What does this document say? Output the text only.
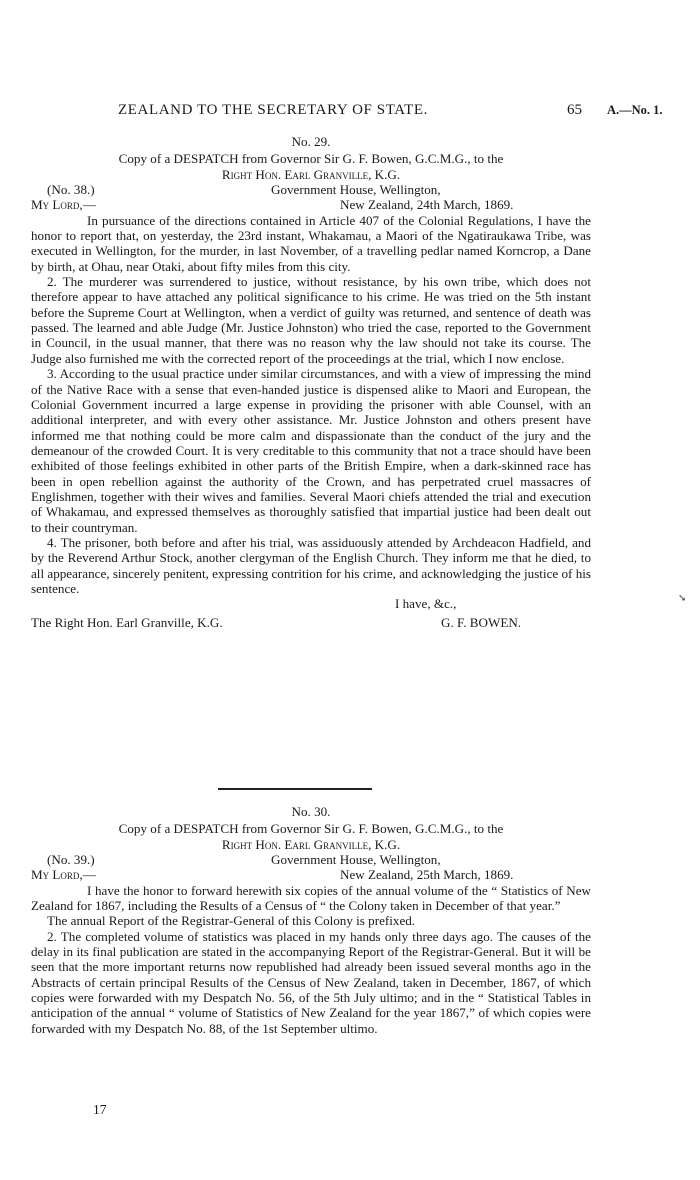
ZEALAND TO THE SECRETARY OF STATE.	65 A.—No. 1.

No. 29.

Copy of a DESPATCH from Governor Sir G. F. Bowen, G.C.M.G., to the

Right Hon. Earl Granville, K.G.

(No. 38.)	Government House, Wellington,
My Lord,—	New Zealand, 24th March, 1869.

In pursuance of the directions contained in Article 407 of the Colonial Regulations, I have the honor to report that, on yesterday, the 23rd instant, Whakamau, a Maori of the Ngatiraukawa Tribe, was executed in Wellington, for the murder, in last November, of a travelling pedlar named Korncrop, a Dane by birth, at Ohau, near Otaki, about fifty miles from this city.

2. The murderer was surrendered to justice, without resistance, by his own tribe, which does not therefore appear to have attached any political significance to his crime. He was tried on the 5th instant before the Supreme Court at Wellington, when a verdict of guilty was returned, and sentence of death was passed. The learned and able Judge (Mr. Justice Johnston) who tried the case, reported to the Government in Council, in the usual manner, that there was no reason why the law should not take its course. The Judge also furnished me with the corrected report of the proceedings at the trial, which I now enclose.

3. According to the usual practice under similar circumstances, and with a view of impressing the mind of the Native Race with a sense that even-handed justice is dispensed alike to Maori and European, the Colonial Government incurred a large expense in providing the prisoner with able Counsel, with an additional interpreter, and with every other assistance. Mr. Justice Johnston and others present have informed me that nothing could be more calm and dispassionate than the conduct of the jury and the demeanour of the crowded Court. It is very creditable to this community that not a trace should have been exhibited of those feelings exhibited in other parts of the British Empire, when a dark-skinned race has been in open rebellion against the authority of the Crown, and has perpetrated cruel massacres of Englishmen, together with their wives and families. Several Maori chiefs attended the trial and execution of Whakamau, and expressed themselves as thoroughly satisfied that impartial justice had been dealt out to their countryman.

4. The prisoner, both before and after his trial, was assiduously attended by Archdeacon Hadfield, and by the Reverend Arthur Stock, another clergyman of the English Church. They inform me that he died, to all appearance, sincerely penitent, expressing contrition for his crime, and acknowledging the justice of his sentence.

I have, &c.,
The Right Hon. Earl Granville, K.G.	G. F. BOWEN.

No. 30.

Copy of a DESPATCH from Governor Sir G. F. Bowen, G.C.M.G., to the

Right Hon. Earl Granville, K.G.

(No. 39.)	Government House, Wellington,
My Lord,—	New Zealand, 25th March, 1869.

I have the honor to forward herewith six copies of the annual volume of the “ Statistics of New Zealand for 1867, including the Results of a Census of “ the Colony taken in December of that year.”

The annual Report of the Registrar-General of this Colony is prefixed.

2. The completed volume of statistics was placed in my hands only three days ago. The causes of the delay in its final publication are stated in the accompanying Report of the Registrar-General. But it will be seen that the more important returns now republished had already been issued several months ago in the Abstracts of certain principal Results of the Census of New Zealand, taken in December, 1867, of which copies were forwarded with my Despatch No. 56, of the 5th July ultimo; and in the “ Statistical Tables in anticipation of the annual “ volume of Statistics of New Zealand for the year 1867,” of which copies were forwarded with my Despatch No. 88, of the 1st September ultimo.

17
➘
